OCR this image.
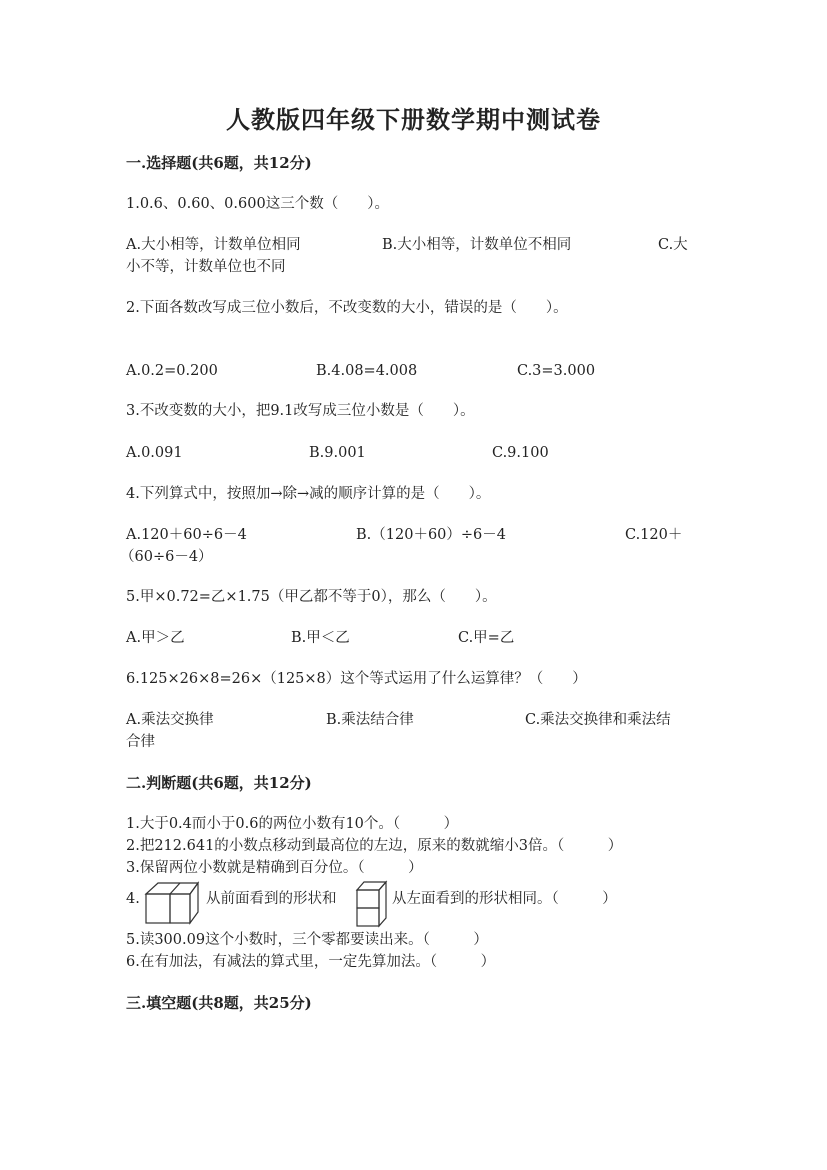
人教版四年级下册数学期中测试卷
一.选择题(共6题，共12分)
1.0.6、0.60、0.600这三个数（　　）。
A.大小相等，计数单位相同	B.大小相等，计数单位不相同	C.大
小不等，计数单位也不同
2.下面各数改写成三位小数后，不改变数的大小，错误的是（　　）。
A.0.2=0.200	B.4.08=4.008	C.3=3.000
3.不改变数的大小，把9.1改写成三位小数是（　　）。
A.0.091	B.9.001	C.9.100
4.下列算式中，按照加→除→减的顺序计算的是（　　）。
A.120＋60÷6－4	B.（120＋60）÷6－4	C.120＋
（60÷6－4）
5.甲×0.72=乙×1.75（甲乙都不等于0），那么（　　）。
A.甲＞乙	B.甲＜乙	C.甲=乙
6.125×26×8=26×（125×8）这个等式运用了什么运算律？（　　）
A.乘法交换律	B.乘法结合律	C.乘法交换律和乘法结
合律
二.判断题(共6题，共12分)
1.大于0.4而小于0.6的两位小数有10个。（　　　）
2.把212.641的小数点移动到最高位的左边，原来的数就缩小3倍。（　　　）
3.保留两位小数就是精确到百分位。（　　　）
4.	从前面看到的形状和	从左面看到的形状相同。（　　　）
5.读300.09这个小数时，三个零都要读出来。（　　　）
6.在有加法，有减法的算式里，一定先算加法。（　　　）
三.填空题(共8题，共25分)
